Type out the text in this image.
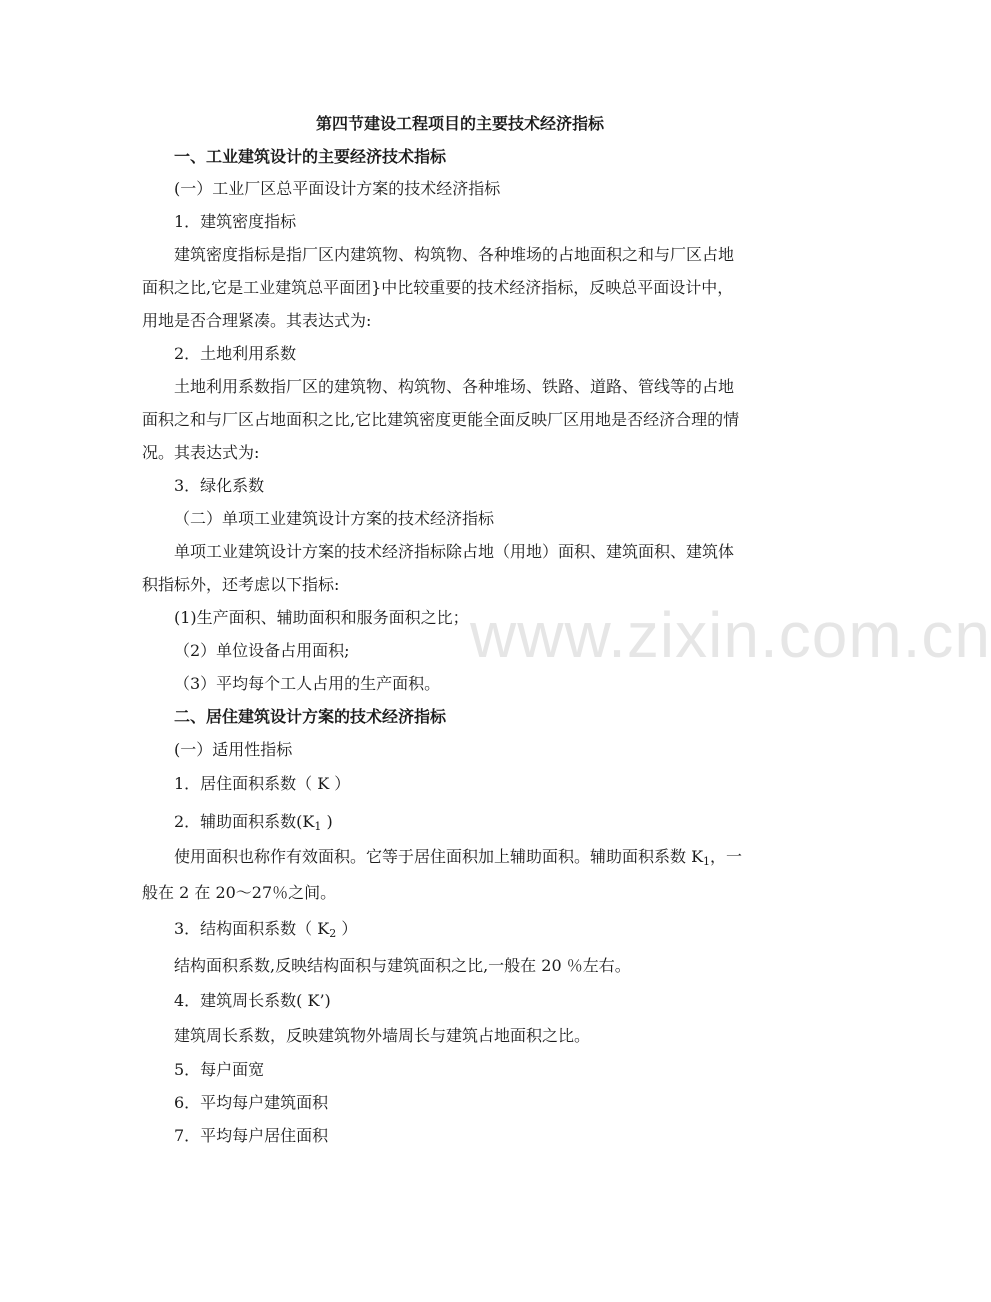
第四节建设工程项目的主要技术经济指标
一、工业建筑设计的主要经济技术指标
(一）工业厂区总平面设计方案的技术经济指标
1．建筑密度指标
建筑密度指标是指厂区内建筑物、构筑物、各种堆场的占地面积之和与厂区占地
面积之比,它是工业建筑总平面团}中比较重要的技术经济指标，反映总平面设计中，
用地是否合理紧凑。其表达式为:
2．土地利用系数
土地利用系数指厂区的建筑物、构筑物、各种堆场、铁路、道路、管线等的占地
面积之和与厂区占地面积之比,它比建筑密度更能全面反映厂区用地是否经济合理的情
况。其表达式为:
3．绿化系数
（二）单项工业建筑设计方案的技术经济指标
单项工业建筑设计方案的技术经济指标除占地（用地）面积、建筑面积、建筑体
积指标外，还考虑以下指标:
(1)生产面积、辅助面积和服务面积之比；
（2）单位设备占用面积;
（3）平均每个工人占用的生产面积。
二、居住建筑设计方案的技术经济指标
(一）适用性指标
1．居住面积系数（ K ）
2．辅助面积系数($K_1$ )
使用面积也称作有效面积。它等于居住面积加上辅助面积。辅助面积系数 $K_1$，一
般在 2 在 20～27％之间。
3．结构面积系数（ $K_2$ ）
结构面积系数,反映结构面积与建筑面积之比,一般在 20 ％左右。
4．建筑周长系数( K’)
建筑周长系数，反映建筑物外墙周长与建筑占地面积之比。
5．每户面宽
6．平均每户建筑面积
7．平均每户居住面积
www.zixin.com.cn
